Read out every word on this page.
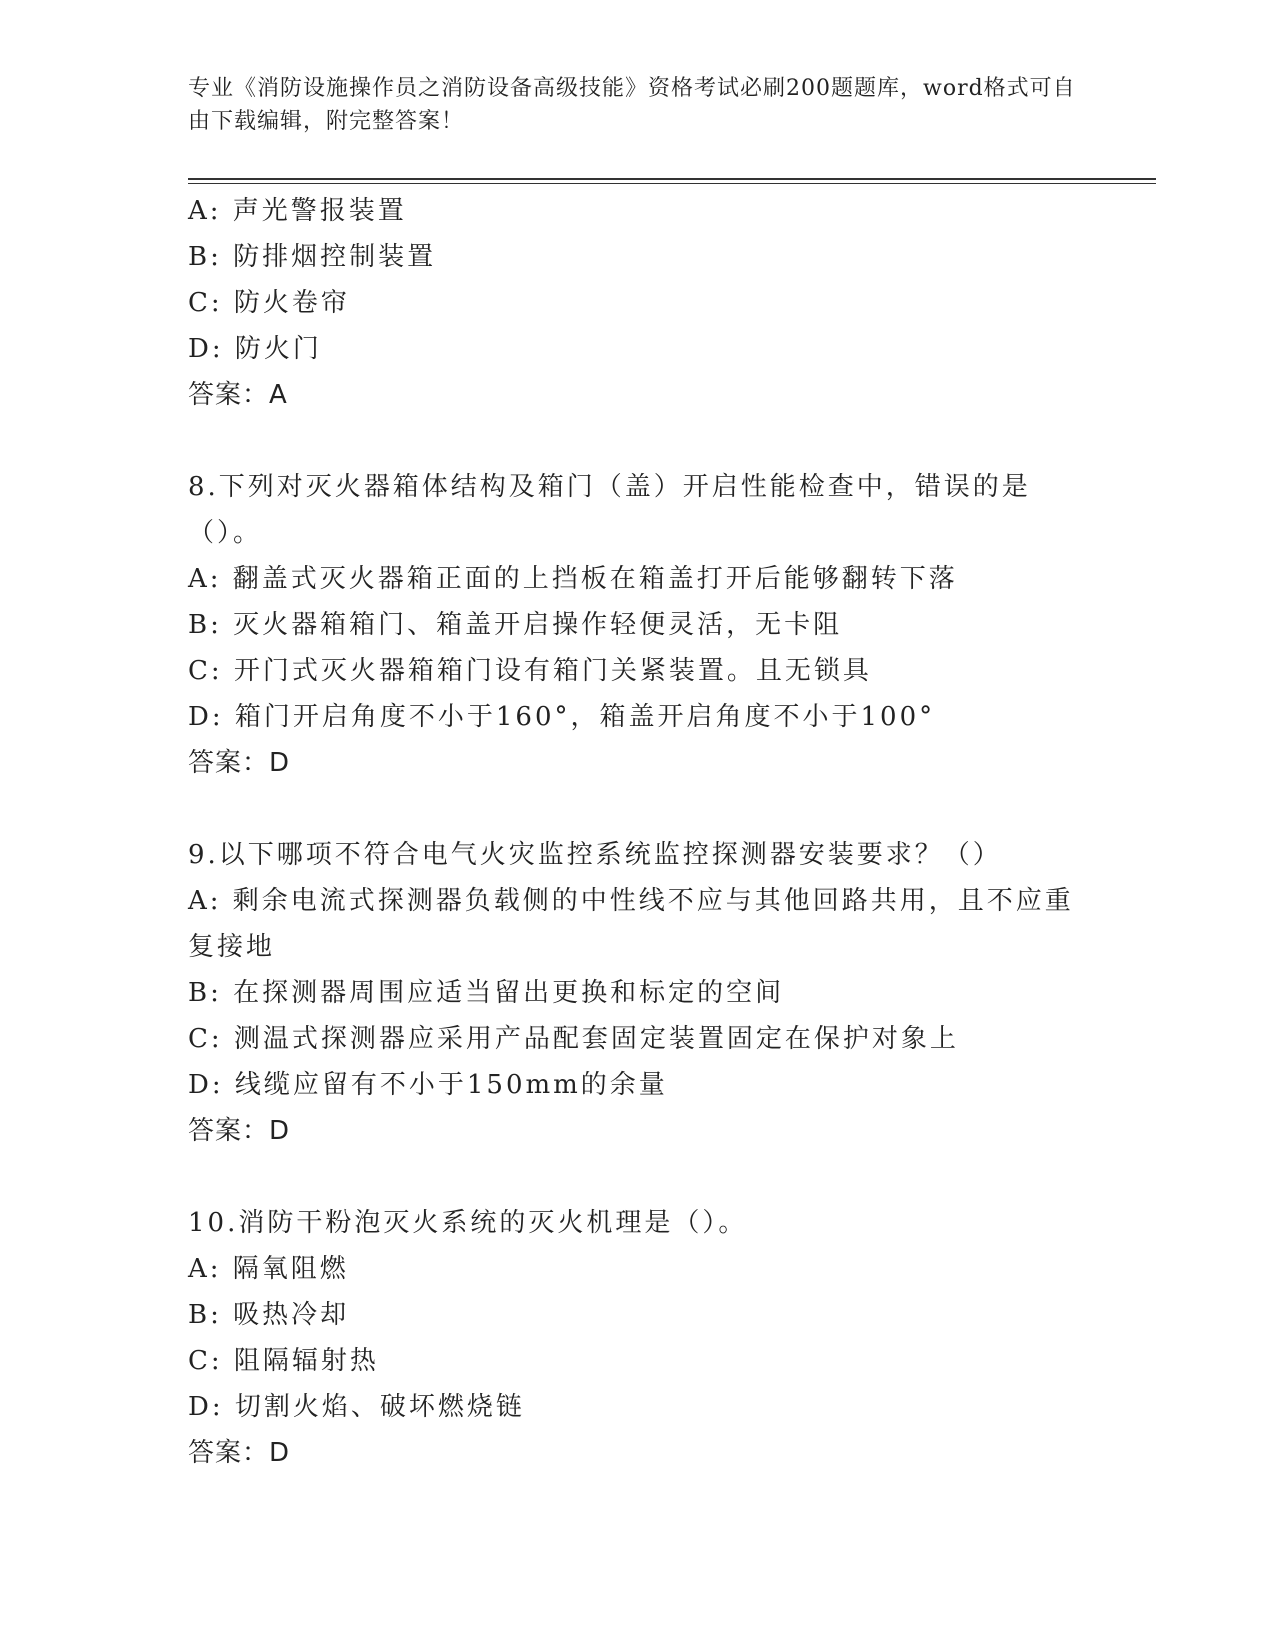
专业《消防设施操作员之消防设备高级技能》资格考试必刷200题题库，word格式可自由下载编辑，附完整答案！
A: 声光警报装置
B: 防排烟控制装置
C: 防火卷帘
D: 防火门
答案：A
8.下列对灭火器箱体结构及箱门（盖）开启性能检查中，错误的是（）。
A: 翻盖式灭火器箱正面的上挡板在箱盖打开后能够翻转下落
B: 灭火器箱箱门、箱盖开启操作轻便灵活，无卡阻
C: 开门式灭火器箱箱门设有箱门关紧装置。且无锁具
D: 箱门开启角度不小于160°，箱盖开启角度不小于100°
答案：D
9.以下哪项不符合电气火灾监控系统监控探测器安装要求？（）
A: 剩余电流式探测器负载侧的中性线不应与其他回路共用，且不应重复接地
B: 在探测器周围应适当留出更换和标定的空间
C: 测温式探测器应采用产品配套固定装置固定在保护对象上
D: 线缆应留有不小于150mm的余量
答案：D
10.消防干粉泡灭火系统的灭火机理是（）。
A: 隔氧阻燃
B: 吸热冷却
C: 阻隔辐射热
D: 切割火焰、破坏燃烧链
答案：D
